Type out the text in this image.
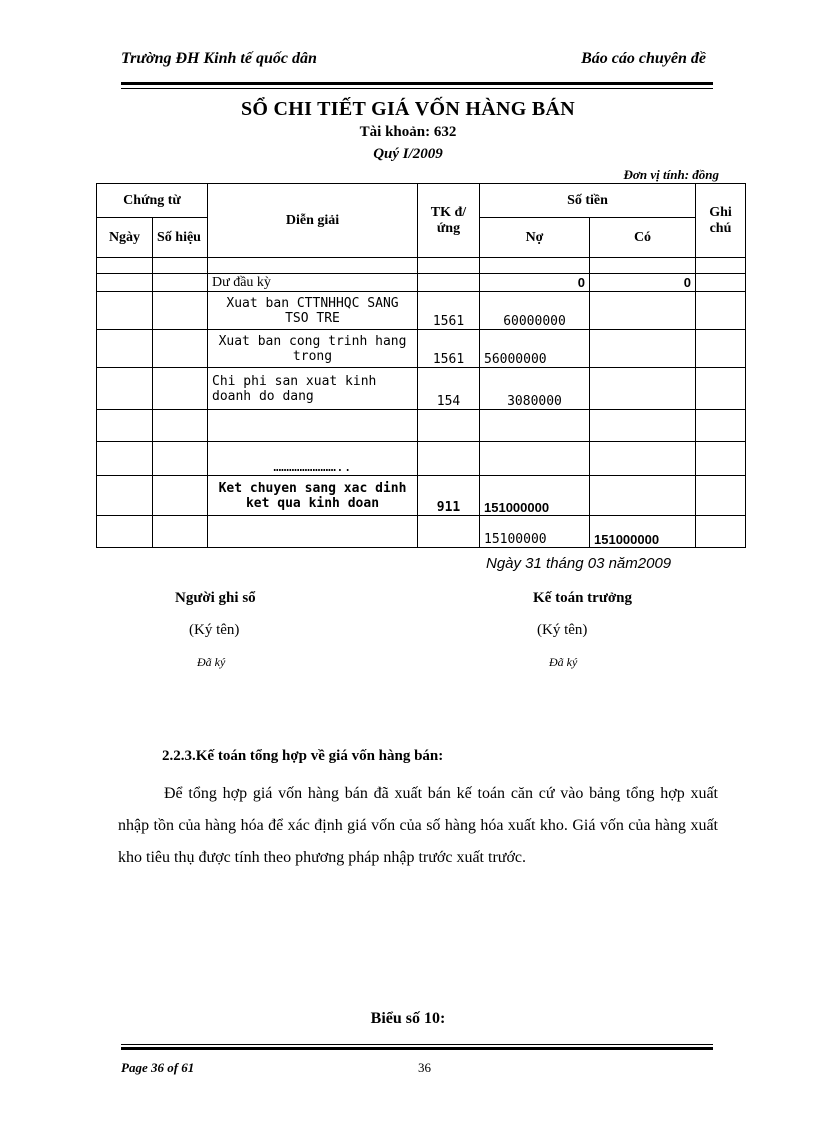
Trường ĐH Kinh tế quốc dân	Báo cáo chuyên đề
SỔ CHI TIẾT GIÁ VỐN HÀNG BÁN
Tài khoản: 632
Quý I/2009
Đơn vị tính: đồng
Chứng từ		Diễn giải	TK đ/ứng	Số tiền		Ghi chú
Ngày	Số hiệu			Nợ	Có	

		Dư đầu kỳ		0	0	
		Xuat ban CTTNHHQC SANG TSO TRE	1561	60000000		
		Xuat ban cong trinh hang trong	1561	56000000		
		Chi phi san xuat kinh doanh do dang	154	3080000		

		……………………..				
		Ket chuyen sang xac dinh ket qua kinh doan	911	151000000		
				15100000	151000000	
Ngày 31 tháng 03 năm2009
Người ghi sổ
(Ký tên)
Đã ký
Kế toán trưởng
(Ký tên)
Đã ký
2.2.3.Kế toán tổng hợp về giá vốn hàng bán:
Để tổng hợp giá vốn hàng bán đã xuất bán kế toán căn cứ vào bảng tổng hợp xuất nhập tồn của hàng hóa để xác định giá vốn của số hàng hóa xuất kho. Giá vốn của hàng xuất kho tiêu thụ được tính theo phương pháp nhập trước xuất trước.
Biểu số 10:
Page 36 of 61	36
